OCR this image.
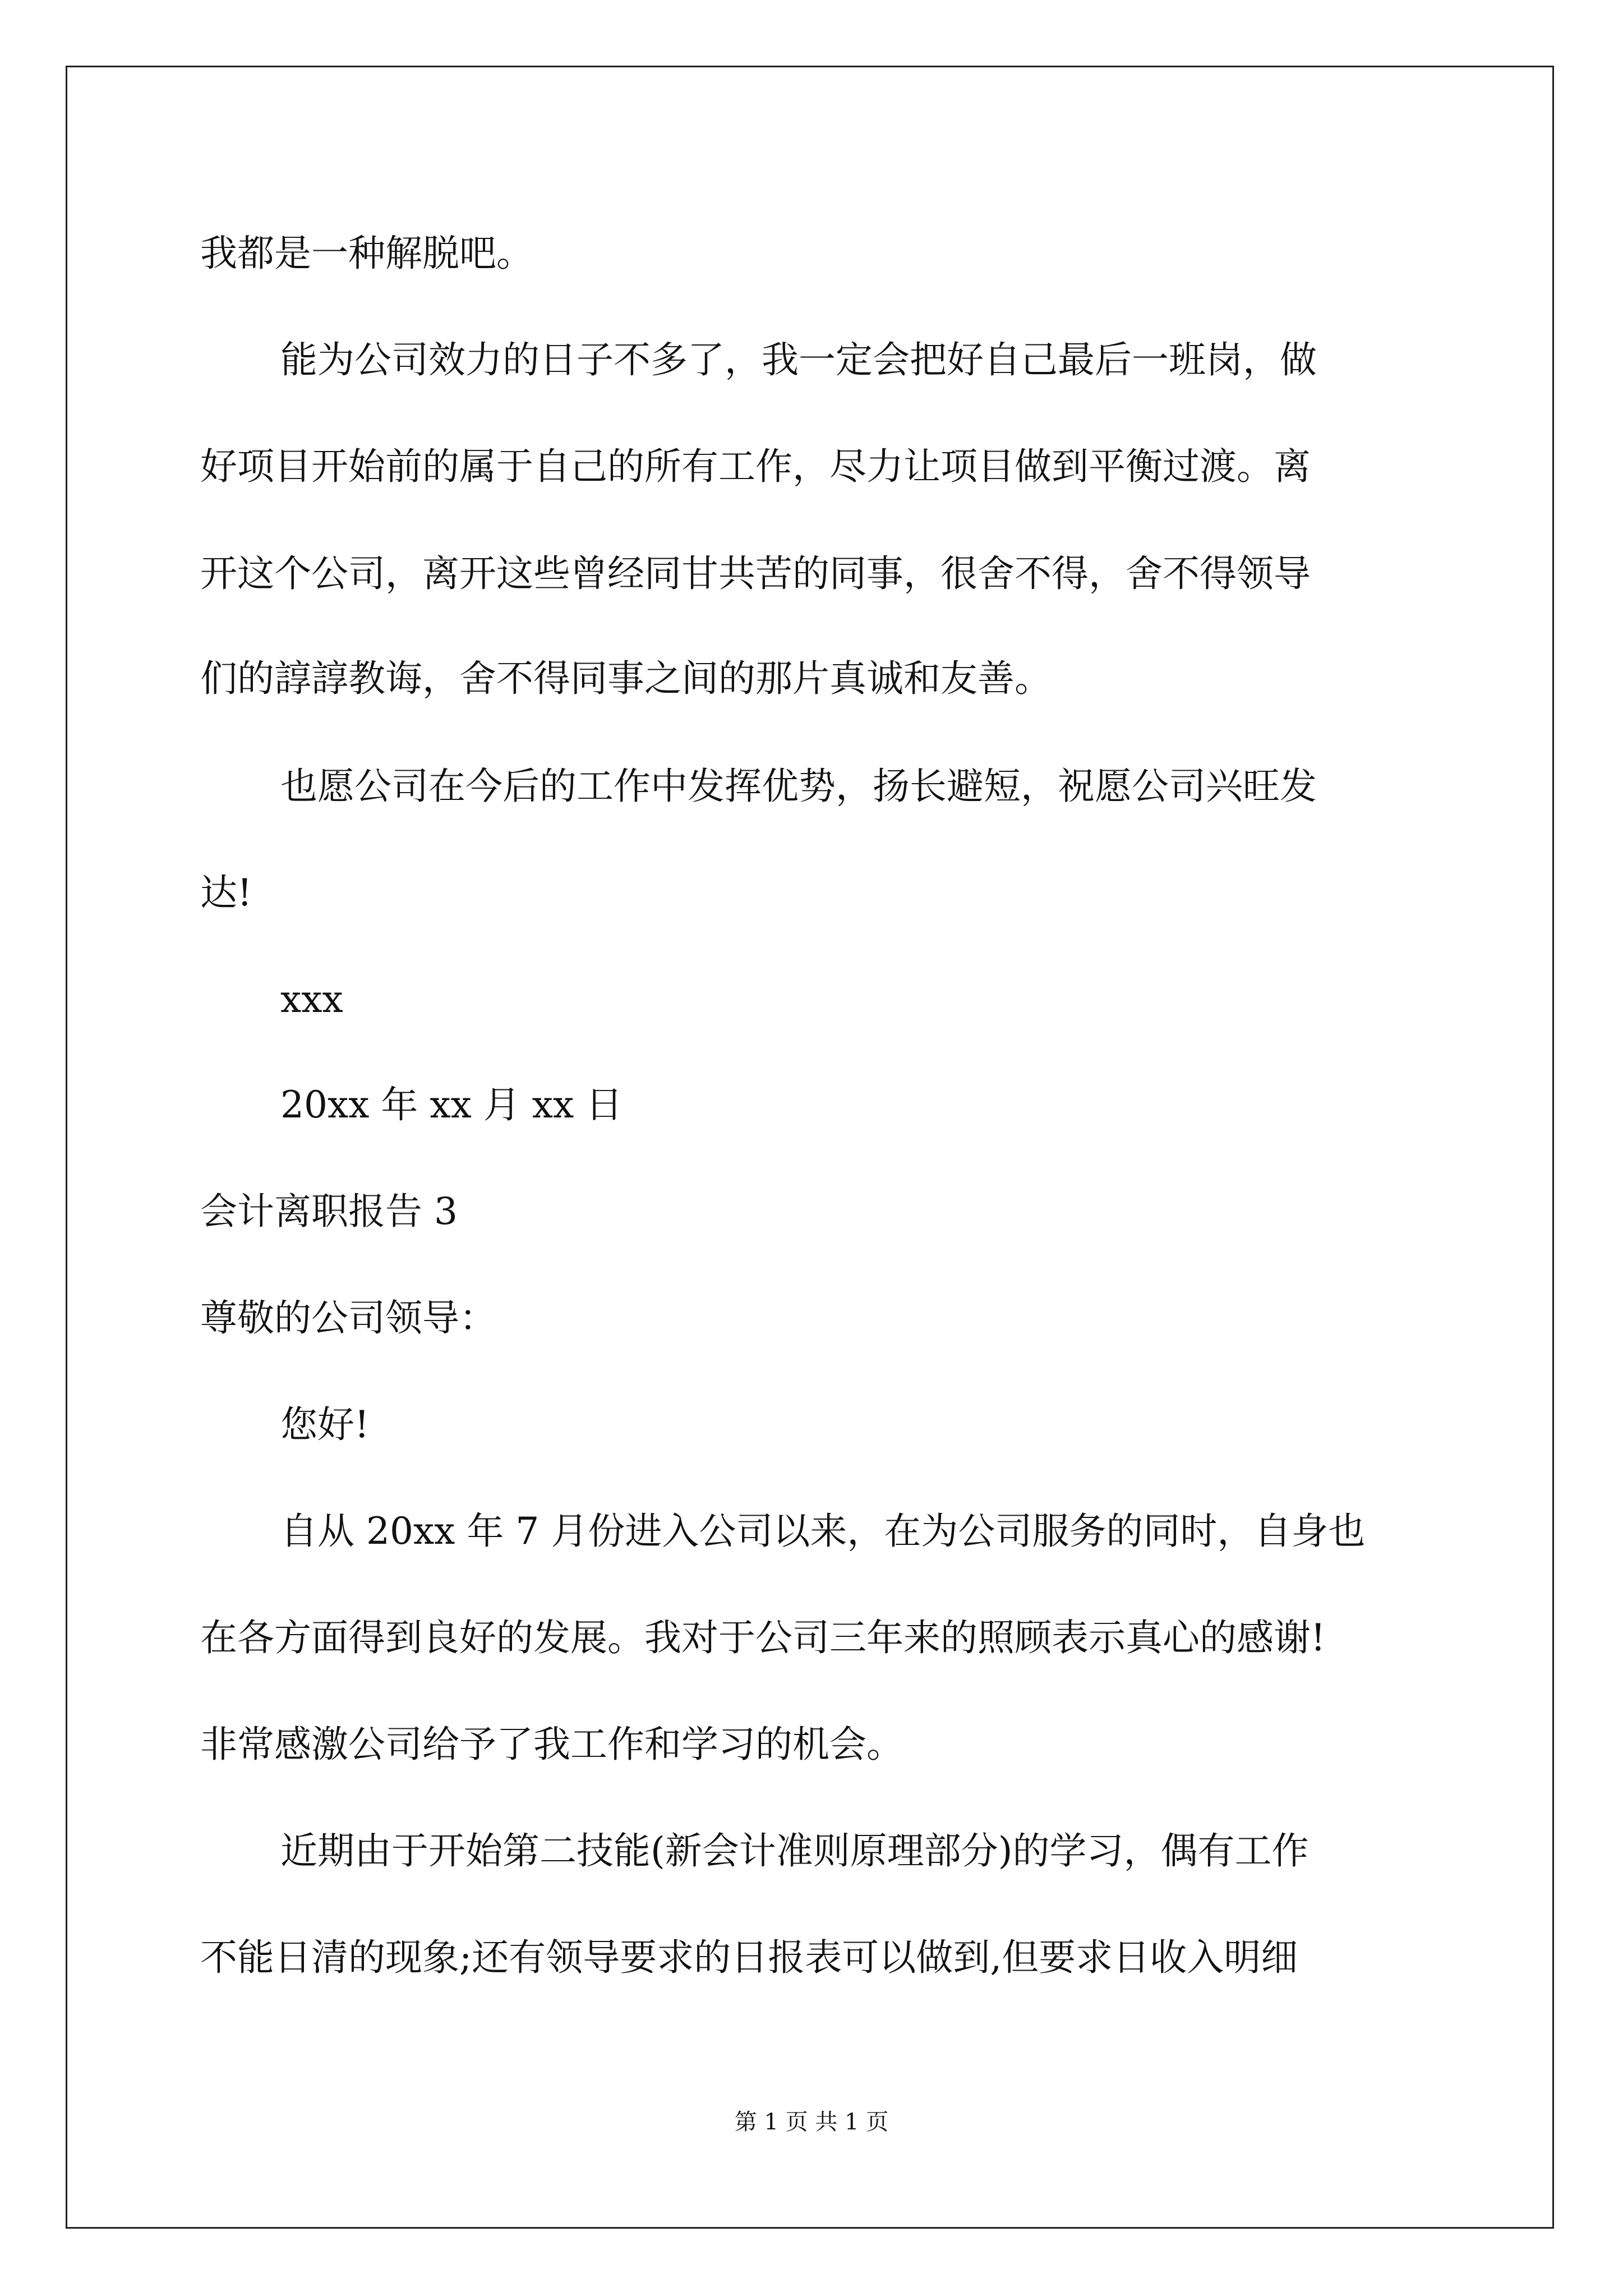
我都是一种解脱吧。
能为公司效力的日子不多了，我一定会把好自己最后一班岗，做
好项目开始前的属于自己的所有工作，尽力让项目做到平衡过渡。离
开这个公司，离开这些曾经同甘共苦的同事，很舍不得，舍不得领导
们的諄諄教诲，舍不得同事之间的那片真诚和友善。
也愿公司在今后的工作中发挥优势，扬长避短，祝愿公司兴旺发
达!
xxx
20xx 年 xx 月 xx 日
会计离职报告 3
尊敬的公司领导：
您好!
自从 20xx 年 7 月份进入公司以来，在为公司服务的同时，自身也
在各方面得到良好的发展。我对于公司三年来的照顾表示真心的感谢!
非常感激公司给予了我工作和学习的机会。
近期由于开始第二技能(新会计准则原理部分)的学习，偶有工作
不能日清的现象;还有领导要求的日报表可以做到,但要求日收入明细
第 1 页 共 1 页
